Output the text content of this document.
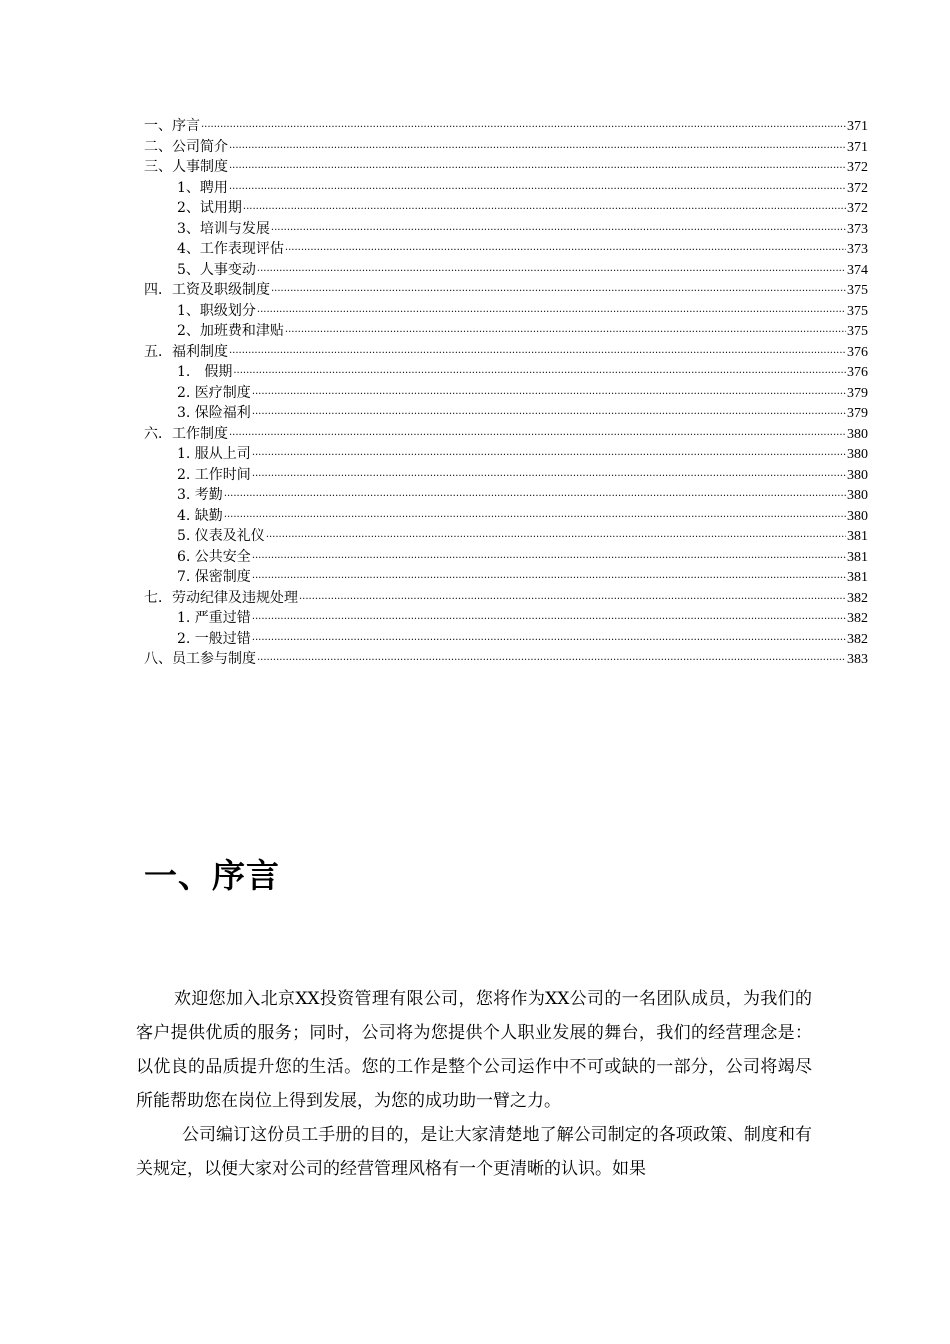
一、序言 .....	371
二、公司简介 .....	371
三、人事制度 .....	372
1、聘用 .....	372
2、试用期 .....	372
3、培训与发展 .....	373
4、工作表现评估 .....	373
5、人事变动 .....	374
四．工资及职级制度 .....	375
1、职级划分 .....	375
2、加班费和津贴 .....	375
五．福利制度 .....	376
1.　假期 .....	376
2. 医疗制度 .....	379
3. 保险福利 .....	379
六．工作制度 .....	380
1. 服从上司 .....	380
2. 工作时间 .....	380
3. 考勤 .....	380
4. 缺勤 .....	380
5. 仪表及礼仪 .....	381
6. 公共安全 .....	381
7. 保密制度 .....	381
七．劳动纪律及违规处理 .....	382
1. 严重过错 .....	382
2. 一般过错 .....	382
八、员工参与制度 .....	383
一、序言

欢迎您加入北京XX投资管理有限公司，您将作为XX公司的一名团队成员，为我们的客户提供优质的服务；同时，公司将为您提供个人职业发展的舞台，我们的经营理念是：以优良的品质提升您的生活。您的工作是整个公司运作中不可或缺的一部分，公司将竭尽所能帮助您在岗位上得到发展，为您的成功助一臂之力。

公司编订这份员工手册的目的，是让大家清楚地了解公司制定的各项政策、制度和有关规定，以便大家对公司的经营管理风格有一个更清晰的认识。如果
